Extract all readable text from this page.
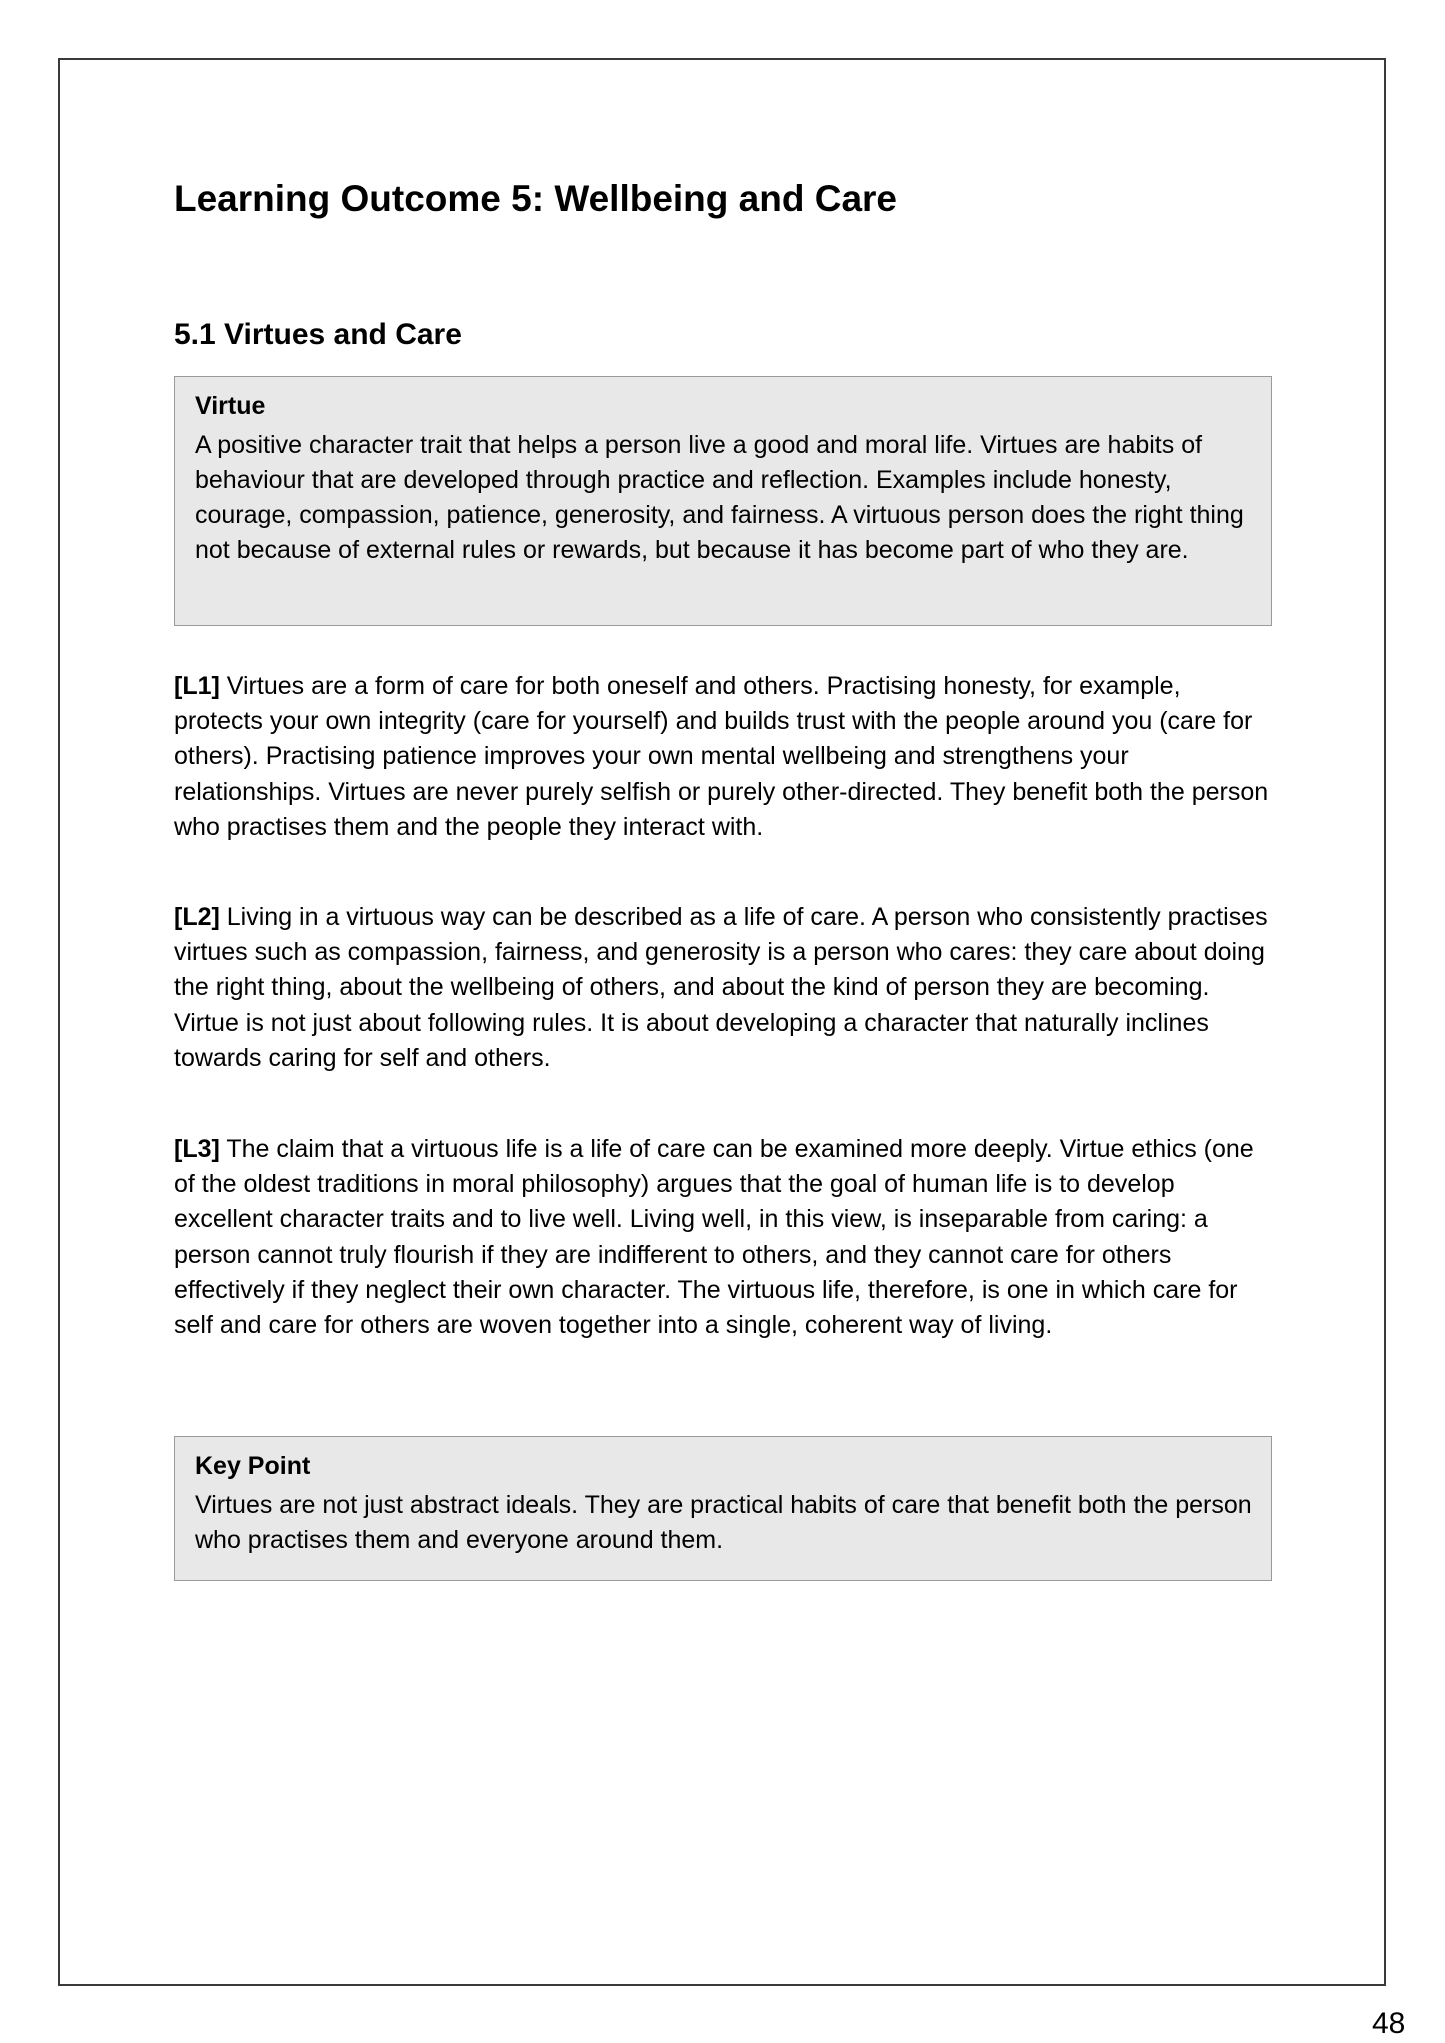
Learning Outcome 5: Wellbeing and Care
5.1 Virtues and Care

Virtue

A positive character trait that helps a person live a good and moral life. Virtues are habits of behaviour that are developed through practice and reflection. Examples include honesty, courage, compassion, patience, generosity, and fairness. A virtuous person does the right thing not because of external rules or rewards, but because it has become part of who they are.

[L1] Virtues are a form of care for both oneself and others. Practising honesty, for example, protects your own integrity (care for yourself) and builds trust with the people around you (care for others). Practising patience improves your own mental wellbeing and strengthens your relationships. Virtues are never purely selfish or purely other-directed. They benefit both the person who practises them and the people they interact with.

[L2] Living in a virtuous way can be described as a life of care. A person who consistently practises virtues such as compassion, fairness, and generosity is a person who cares: they care about doing the right thing, about the wellbeing of others, and about the kind of person they are becoming. Virtue is not just about following rules. It is about developing a character that naturally inclines towards caring for self and others.

[L3] The claim that a virtuous life is a life of care can be examined more deeply. Virtue ethics (one of the oldest traditions in moral philosophy) argues that the goal of human life is to develop excellent character traits and to live well. Living well, in this view, is inseparable from caring: a person cannot truly flourish if they are indifferent to others, and they cannot care for others effectively if they neglect their own character. The virtuous life, therefore, is one in which care for self and care for others are woven together into a single, coherent way of living.

Key Point

Virtues are not just abstract ideals. They are practical habits of care that benefit both the person who practises them and everyone around them.

48
